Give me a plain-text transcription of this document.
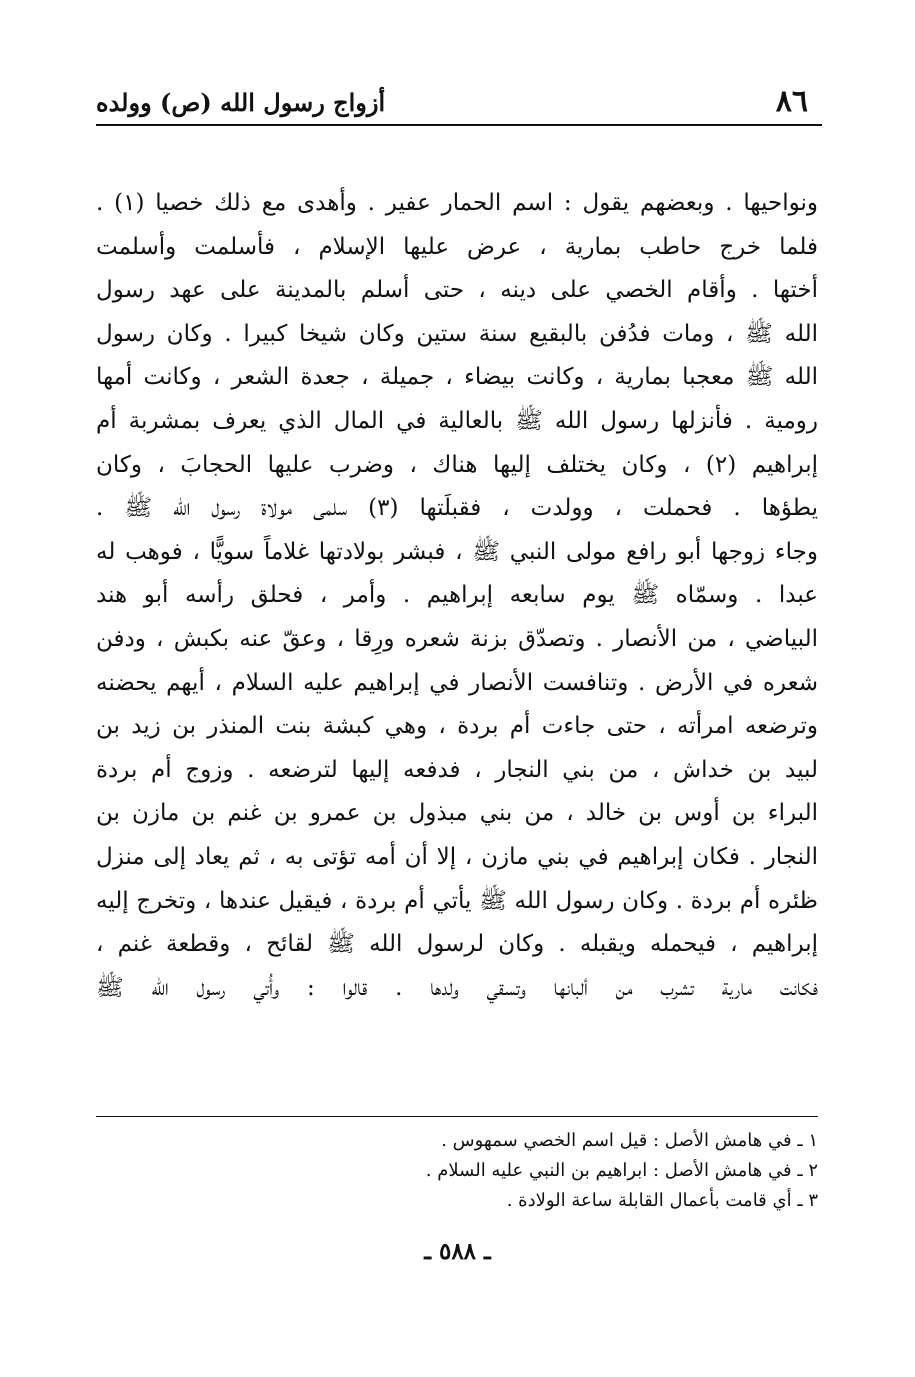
٨٦
أزواج رسول الله (ص) وولده
ونواحيها . وبعضهم يقول : اسم الحمار عفير . وأهدى مع ذلك خصيا (١) .
فلما خرج حاطب بمارية ، عرض عليها الإسلام ، فأسلمت وأسلمت
أختها . وأقام الخصي على دينه ، حتى أسلم بالمدينة على عهد رسول
الله ﷺ ، ومات فدُفن بالبقيع سنة ستين وكان شيخا كبيرا . وكان رسول
الله ﷺ معجبا بمارية ، وكانت بيضاء ، جميلة ، جعدة الشعر ، وكانت أمها
رومية . فأنزلها رسول الله ﷺ بالعالية في المال الذي يعرف بمشربة أم
إبراهيم (٢) ، وكان يختلف إليها هناك ، وضرب عليها الحجابَ ، وكان
يطؤها . فحملت ، وولدت ، فقبلَتها (٣) سلمى مولاة رسول الله ﷺ .
وجاء زوجها أبو رافع مولى النبي ﷺ ، فبشر بولادتها غلاماً سويًّا ، فوهب له
عبدا . وسمّاه ﷺ يوم سابعه إبراهيم . وأمر ، فحلق رأسه أبو هند
البياضي ، من الأنصار . وتصدّق بزنة شعره ورِقا ، وعقّ عنه بكبش ، ودفن
شعره في الأرض . وتنافست الأنصار في إبراهيم عليه السلام ، أيهم يحضنه
وترضعه امرأته ، حتى جاءت أم بردة ، وهي كبشة بنت المنذر بن زيد بن
لبيد بن خداش ، من بني النجار ، فدفعه إليها لترضعه . وزوج أم بردة
البراء بن أوس بن خالد ، من بني مبذول بن عمرو بن غنم بن مازن بن
النجار . فكان إبراهيم في بني مازن ، إلا أن أمه تؤتى به ، ثم يعاد إلى منزل
ظئره أم بردة . وكان رسول الله ﷺ يأتي أم بردة ، فيقيل عندها ، وتخرج إليه
إبراهيم ، فيحمله ويقبله . وكان لرسول الله ﷺ لقائح ، وقطعة غنم ،
فكانت مارية تشرب من ألبانها وتسقي ولدها . قالوا : وأُتي رسول الله ﷺ
١ ـ في هامش الأصل : قيل اسم الخصي سمهوس .
٢ ـ في هامش الأصل : ابراهيم بن النبي عليه السلام .
٣ ـ أي قامت بأعمال القابلة ساعة الولادة .
ـ ٥٨٨ ـ
